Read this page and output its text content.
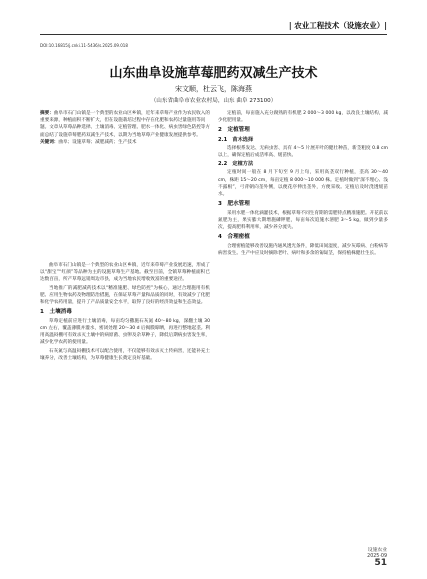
| 农业工程技术（设施农业）|
DOI:10.16815/j.cnki.11-5436/s.2025.09.018
山东曲阜设施草莓肥药双减生产技术
宋文顺，杜云飞，陈海燕
（山东省曲阜市农业农村局，山东 曲阜 273100）
摘要：曲阜市石门山镇是一个典型的农业山区乡镇，近年来草莓产业作为农民收入的重要来源，种植面积不断扩大，但在设施栽培过程中存在化肥和农药过量施用等问题。文章从草莓品种选择、土壤消毒、定植管理、肥水一体化、病虫害绿色防控等方面总结了设施草莓肥药双减生产技术，以期为当地草莓产业健康发展提供参考。
关键词：曲阜；设施草莓；减肥减药；生产技术

曲阜市石门山镇是一个典型的农业山区乡镇，近年来草莓产业发展迅速，形成了以“甜宝”“红颜”等品种为主的设施草莓生产基地。截至目前，全镇草莓种植面积已达数百亩，所产草莓远销周边市县，成为当地农民增收致富的重要途径。

当地推广的减肥减药技术以“精准施肥、绿色防控”为核心，通过合理施用有机肥、应用生物农药及物理防治措施，在保证草莓产量和品质的同时，有效减少了化肥和化学农药用量，提升了产品质量安全水平，取得了良好的经济效益和生态效益。

1　土壤消毒

草莓定植前应进行土壤消毒，每亩均匀撒施石灰氮 40～80 kg，深翻土壤 30 cm 左右，覆盖薄膜并灌水，密闭处理 20～30 d 后揭膜晾晒，再进行整地起垄。利用高温闷棚可有效杀灭土壤中的病原菌、虫卵及杂草种子，降低后期病虫害发生率，减少化学农药的使用量。

石灰氮与高温闷棚技术可以配合使用，不仅能够有效杀灭土传病害，还能补充土壤养分，改善土壤结构，为草莓健康生长奠定良好基础。

定植前，每亩施入充分腐熟的有机肥 2 000～3 000 kg，以改良土壤结构，减少化肥用量。

2　定植管理
2.1　苗木选择

选择根系发达、无病虫害、具有 4～5 片展开叶的健壮种苗，新茎粗度 0.8 cm 以上，确保定植后成活率高、缓苗快。

2.2　定植方法

定植时间一般在 8 月下旬至 9 月上旬，采用高垄双行种植，垄高 30～40 cm，株距 15～20 cm，每亩定植 8 000～10 000 株。定植时做到“深不埋心、浅不露根”，弓背朝向垄外侧，以便花序伸出垄外，方便采收。定植后及时浇透缓苗水。

3　肥水管理

采用水肥一体化滴灌技术，根据草莓不同生育期的需肥特点精准施肥。开花前以氮肥为主，果实膨大期增施磷钾肥，每亩每次追施水溶肥 3～5 kg，做到少量多次，提高肥料利用率，减少养分流失。

4　合理密植

合理密植能够改善设施内通风透光条件，降低田间湿度，减少灰霉病、白粉病等病害发生。生产中应及时摘除老叶、病叶和多余的匍匐茎，保持植株健壮生长。

设施农业
2025·09
51
